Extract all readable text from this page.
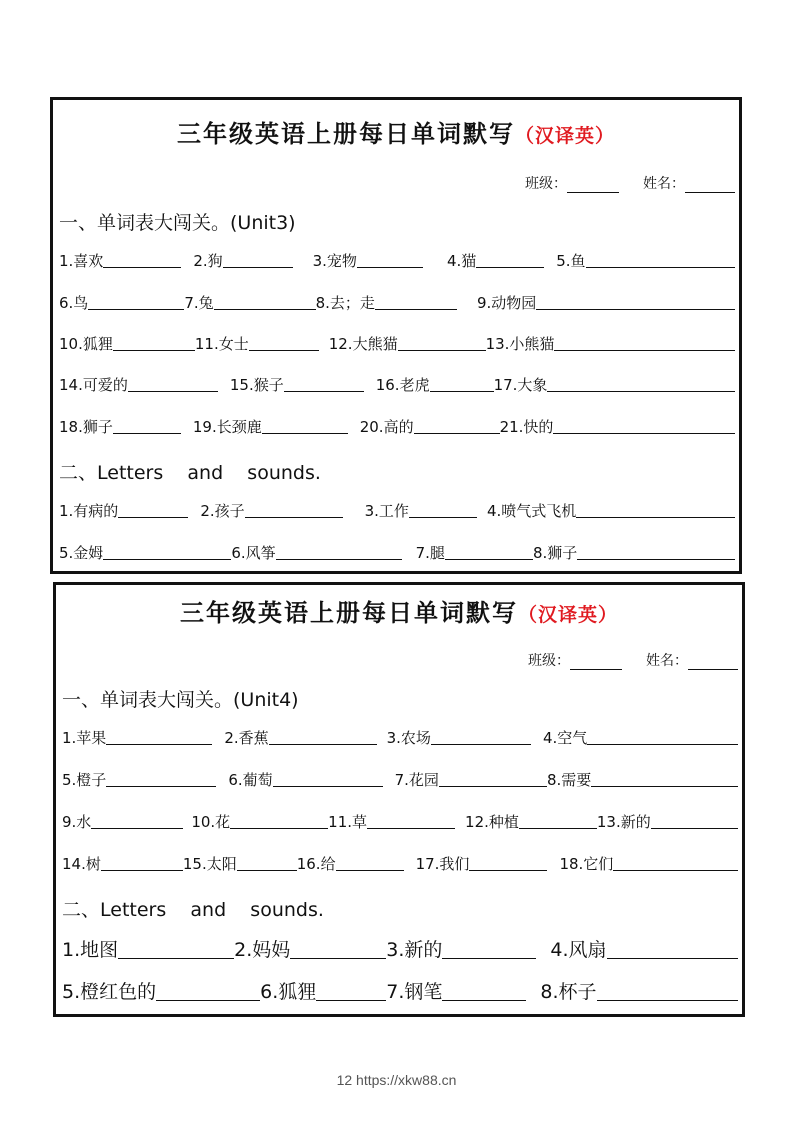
三年级英语上册每日单词默写（汉译英）
班级：	姓名：
一、单词表大闯关。(Unit3)
1.喜欢	2.狗	3.宠物	4.猫	5.鱼
6.鸟	7.兔	8.去；走	9.动物园
10.狐狸	11.女士	12.大熊猫	13.小熊猫
14.可爱的	15.猴子	16.老虎	17.大象
18.狮子	19.长颈鹿	20.高的	21.快的
二、Letters    and    sounds.
1.有病的	2.孩子	3.工作	4.喷气式飞机
5.金姆	6.风筝	7.腿	8.狮子
三年级英语上册每日单词默写（汉译英）
班级：	姓名：
一、单词表大闯关。(Unit4)
1.苹果	2.香蕉	3.农场	4.空气
5.橙子	6.葡萄	7.花园	8.需要
9.水	10.花	11.草	12.种植	13.新的
14.树	15.太阳	16.给	17.我们	18.它们
二、Letters    and    sounds.
1.地图	2.妈妈	3.新的	4.风扇
5.橙红色的	6.狐狸	7.钢笔	8.杯子
12 https://xkw88.cn
